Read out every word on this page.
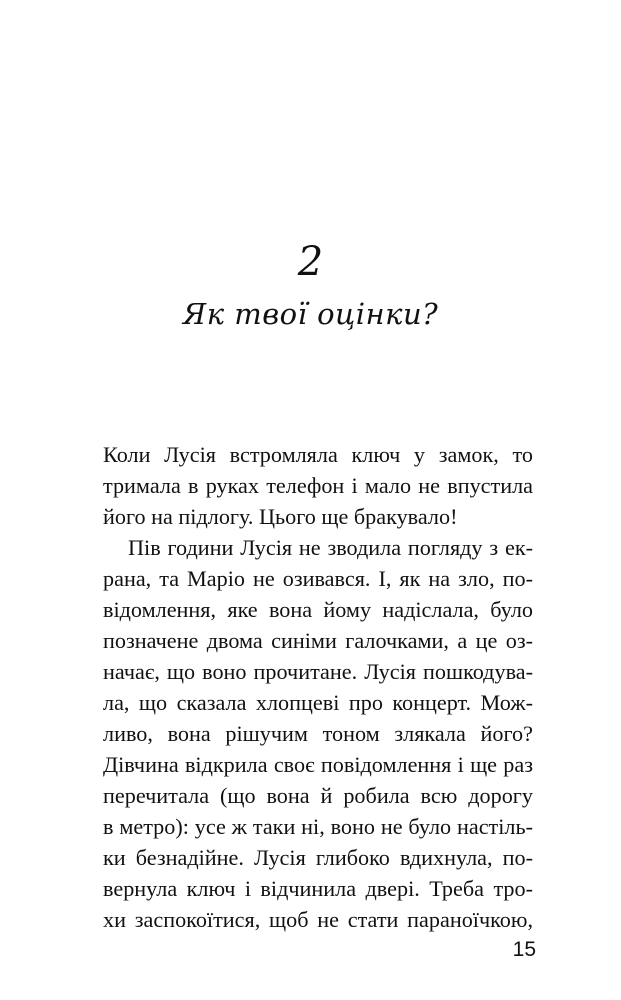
2
Як твої оцінки?
Коли Лусія встромляла ключ у замок, то
тримала в руках телефон і мало не впустила
його на підлогу. Цього ще бракувало!
Пів години Лусія не зводила погляду з ек-
рана, та Маріо не озивався. І, як на зло, по-
відомлення, яке вона йому надіслала, було
позначене двома синіми галочками, а це оз-
начає, що воно прочитане. Лусія пошкодува-
ла, що сказала хлопцеві про концерт. Мож-
ливо, вона рішучим тоном злякала його?
Дівчина відкрила своє повідомлення і ще раз
перечитала (що вона й робила всю дорогу
в метро): усе ж таки ні, воно не було настіль-
ки безнадійне. Лусія глибоко вдихнула, по-
вернула ключ і відчинила двері. Треба тро-
хи заспокоїтися, щоб не стати параноїчкою,
15
